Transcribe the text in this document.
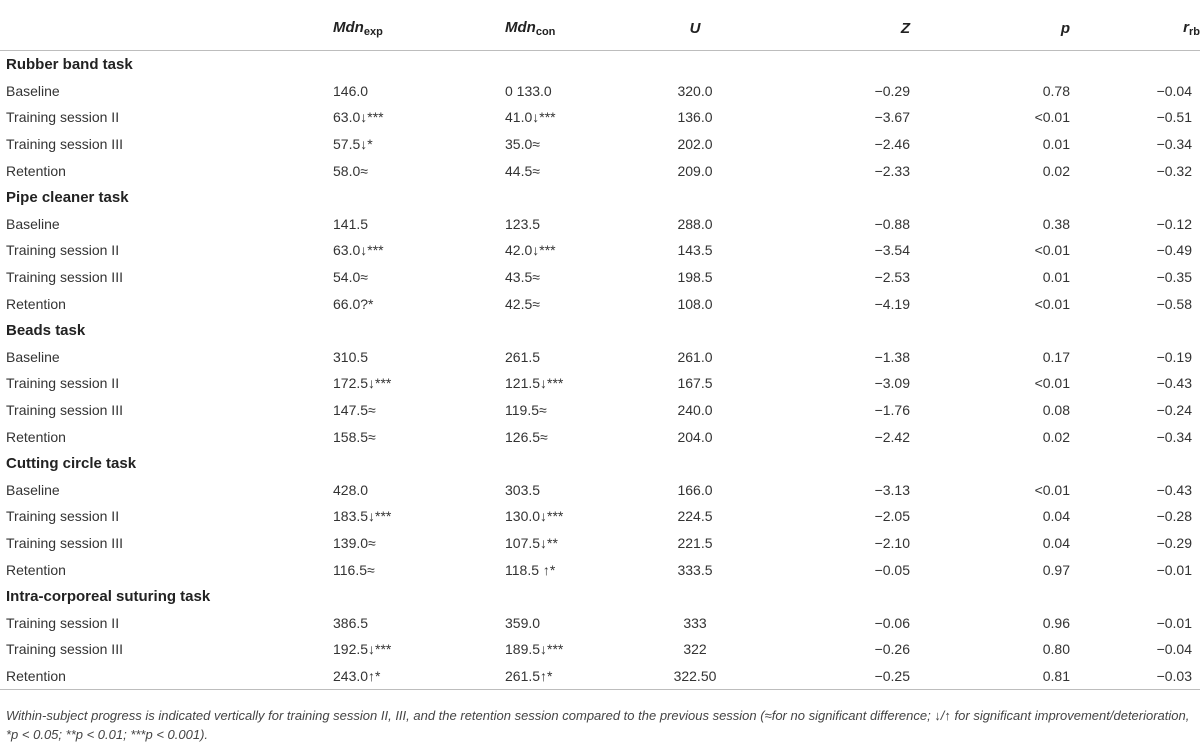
	Mdn$_{exp}$	Mdn$_{con}$	U	Z	p	$r_{rb}$
Rubber band task						
Baseline	146.0	0 133.0	320.0	−0.29	0.78	−0.04
Training session II	63.0↓***	41.0↓***	136.0	−3.67	<0.01	−0.51
Training session III	57.5↓*	35.0≈	202.0	−2.46	0.01	−0.34
Retention	58.0≈	44.5≈	209.0	−2.33	0.02	−0.32
Pipe cleaner task						
Baseline	141.5	123.5	288.0	−0.88	0.38	−0.12
Training session II	63.0↓***	42.0↓***	143.5	−3.54	<0.01	−0.49
Training session III	54.0≈	43.5≈	198.5	−2.53	0.01	−0.35
Retention	66.0?*	42.5≈	108.0	−4.19	<0.01	−0.58
Beads task						
Baseline	310.5	261.5	261.0	−1.38	0.17	−0.19
Training session II	172.5↓***	121.5↓***	167.5	−3.09	<0.01	−0.43
Training session III	147.5≈	119.5≈	240.0	−1.76	0.08	−0.24
Retention	158.5≈	126.5≈	204.0	−2.42	0.02	−0.34
Cutting circle task						
Baseline	428.0	303.5	166.0	−3.13	<0.01	−0.43
Training session II	183.5↓***	130.0↓***	224.5	−2.05	0.04	−0.28
Training session III	139.0≈	107.5↓**	221.5	−2.10	0.04	−0.29
Retention	116.5≈	118.5 ↑*	333.5	−0.05	0.97	−0.01
Intra-corporeal suturing task						
Training session II	386.5	359.0	333	−0.06	0.96	−0.01
Training session III	192.5↓***	189.5↓***	322	−0.26	0.80	−0.04
Retention	243.0↑*	261.5↑*	322.50	−0.25	0.81	−0.03
Within-subject progress is indicated vertically for training session II, III, and the retention session compared to the previous session (≈for no significant difference; ↓/↑ for significant improvement/deterioration, *p < 0.05; **p < 0.01; ***p < 0.001).
